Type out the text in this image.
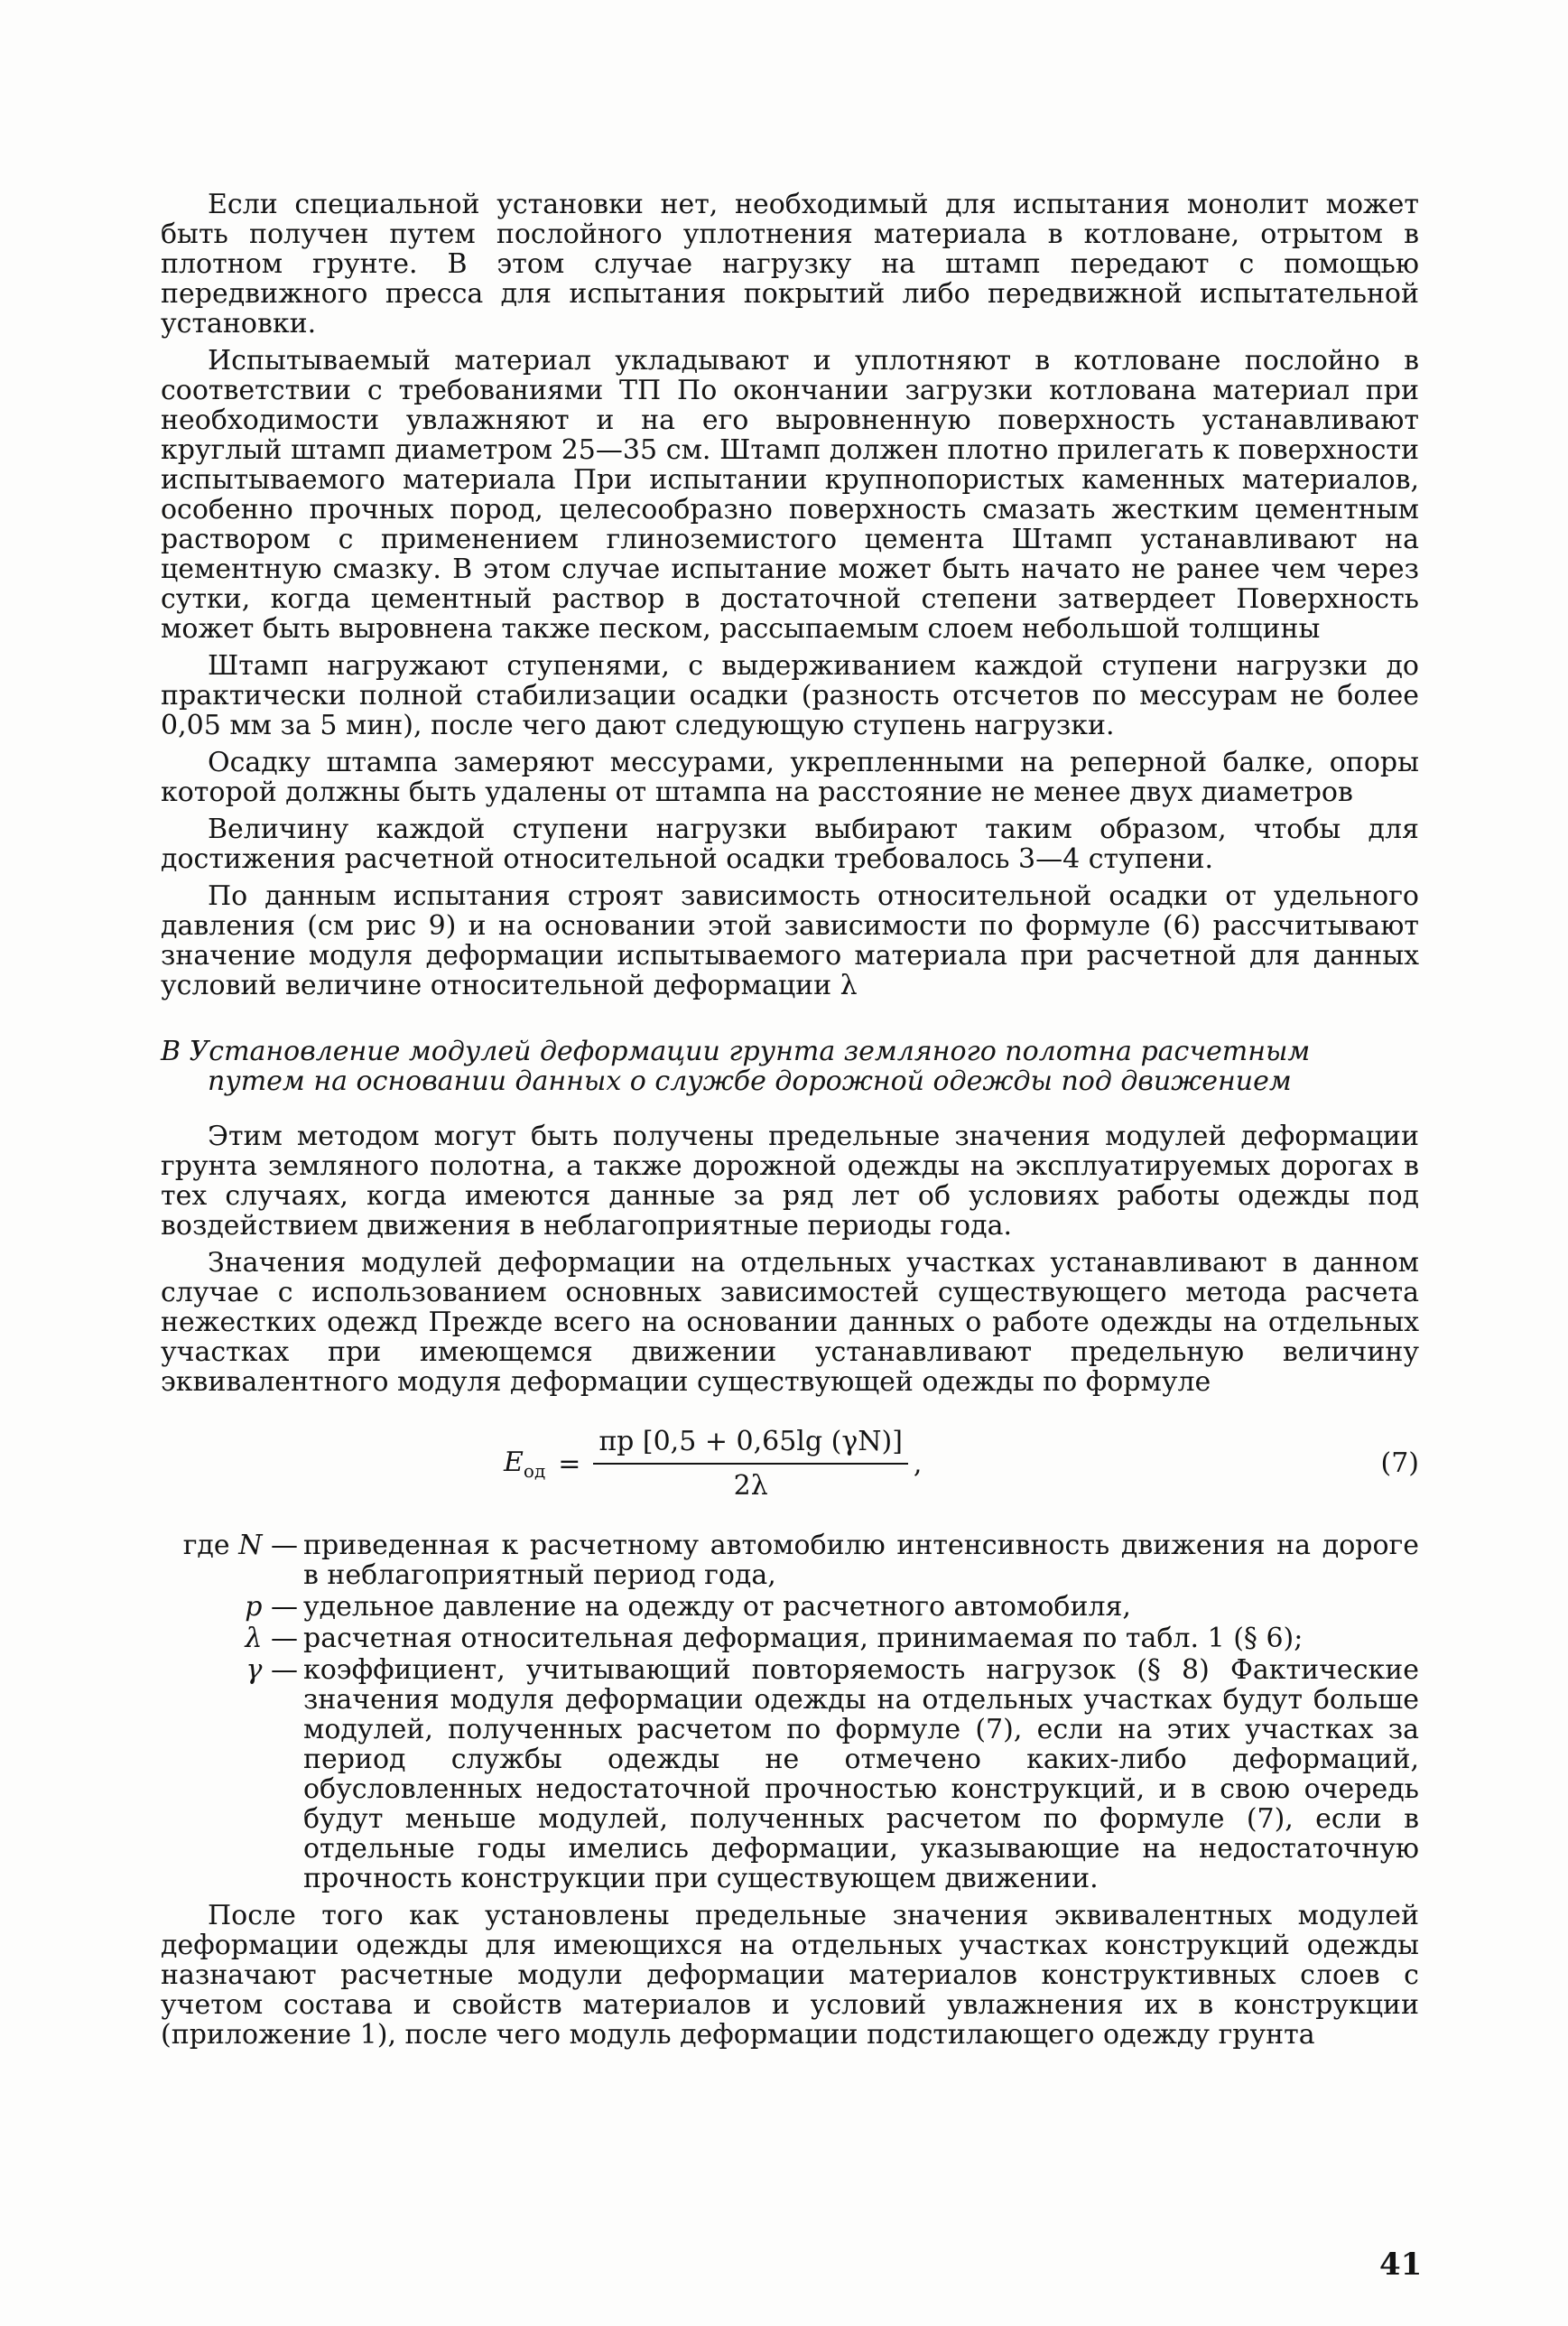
Если специальной установки нет, необходимый для испытания монолит может быть получен путем послойного уплотнения материала в котловане, отрытом в плотном грунте. В этом случае нагрузку на штамп передают с помощью передвижного пресса для испытания покрытий либо передвижной испытательной установки.

Испытываемый материал укладывают и уплотняют в котловане послойно в соответствии с требованиями ТП По окончании загрузки котлована материал при необходимости увлажняют и на его выровненную поверхность устанавливают круглый штамп диаметром 25—35 см. Штамп должен плотно прилегать к поверхности испытываемого материала При испытании крупнопористых каменных материалов, особенно прочных пород, целесообразно поверхность смазать жестким цементным раствором с применением глиноземистого цемента Штамп устанавливают на цементную смазку. В этом случае испытание может быть начато не ранее чем через сутки, когда цементный раствор в достаточной степени затвердеет Поверхность может быть выровнена также песком, рассыпаемым слоем небольшой толщины

Штамп нагружают ступенями, с выдерживанием каждой ступени нагрузки до практически полной стабилизации осадки (разность отсчетов по мессурам не более 0,05 мм за 5 мин), после чего дают следующую ступень нагрузки.

Осадку штампа замеряют мессурами, укрепленными на реперной балке, опоры которой должны быть удалены от штампа на расстояние не менее двух диаметров

Величину каждой ступени нагрузки выбирают таким образом, чтобы для достижения расчетной относительной осадки требовалось 3—4 ступени.

По данным испытания строят зависимость относительной осадки от удельного давления (см рис 9) и на основании этой зависимости по формуле (6) рассчитывают значение модуля деформации испытываемого материала при расчетной для данных условий величине относительной деформации λ

В Установление модулей деформации грунта земляного полотна расчетным
путем на основании данных о службе дорожной одежды под движением

Этим методом могут быть получены предельные значения модулей деформации грунта земляного полотна, а также дорожной одежды на эксплуатируемых дорогах в тех случаях, когда имеются данные за ряд лет об условиях работы одежды под воздействием движения в неблагоприятные периоды года.

Значения модулей деформации на отдельных участках устанавливают в данном случае с использованием основных зависимостей существующего метода расчета нежестких одежд Прежде всего на основании данных о работе одежды на отдельных участках при имеющемся движении устанавливают предельную величину эквивалентного модуля деформации существующей одежды по формуле

$E_{од} = \frac{\pi p [0,5 + 0,65\lg (\gamma N)]}{2\lambda}$ ,	(7)
где N — приведенная к расчетному автомобилю интенсивность движения на дороге в неблагоприятный период года,
p — удельное давление на одежду от расчетного автомобиля,
λ — расчетная относительная деформация, принимаемая по табл. 1 (§ 6);
γ — коэффициент, учитывающий повторяемость нагрузок (§ 8) Фактические значения модуля деформации одежды на отдельных участках будут больше модулей, полученных расчетом по формуле (7), если на этих участках за период службы одежды не отмечено каких-либо деформаций, обусловленных недостаточной прочностью конструкций, и в свою очередь будут меньше модулей, полученных расчетом по формуле (7), если в отдельные годы имелись деформации, указывающие на недостаточную прочность конструкции при существующем движении.

После того как установлены предельные значения эквивалентных модулей деформации одежды для имеющихся на отдельных участках конструкций одежды назначают расчетные модули деформации материалов конструктивных слоев с учетом состава и свойств материалов и условий увлажнения их в конструкции (приложение 1), после чего модуль деформации подстилающего одежду грунта

41
